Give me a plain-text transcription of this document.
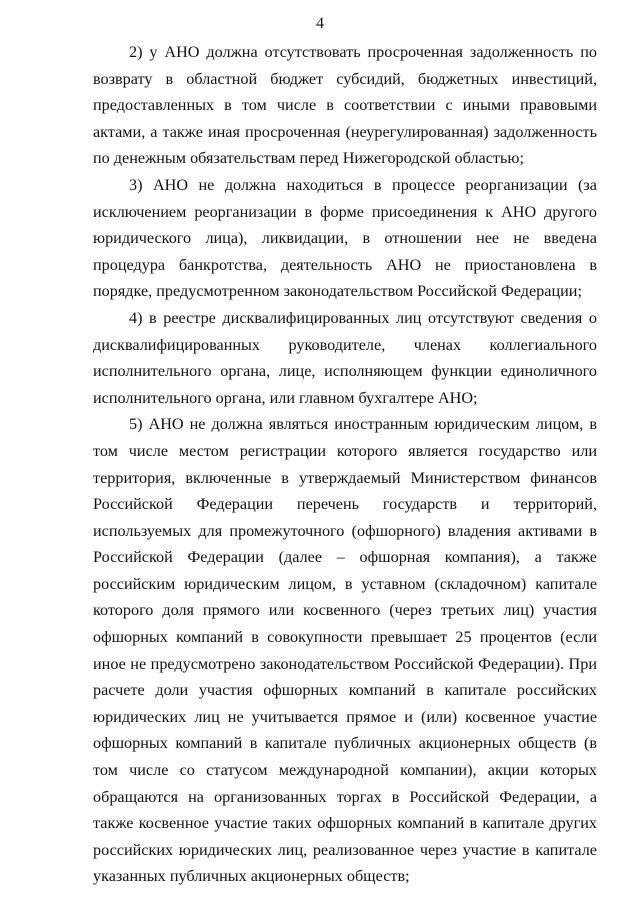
4

2) у АНО должна отсутствовать просроченная задолженность по возврату в областной бюджет субсидий, бюджетных инвестиций, предоставленных в том числе в соответствии с иными правовыми актами, а также иная просроченная (неурегулированная) задолженность по денежным обязательствам перед Нижегородской областью;

3) АНО не должна находиться в процессе реорганизации (за исключением реорганизации в форме присоединения к АНО другого юридического лица), ликвидации, в отношении нее не введена процедура банкротства, деятельность АНО не приостановлена в порядке, предусмотренном законодательством Российской Федерации;

4) в реестре дисквалифицированных лиц отсутствуют сведения о дисквалифицированных руководителе, членах коллегиального исполнительного органа, лице, исполняющем функции единоличного исполнительного органа, или главном бухгалтере АНО;

5) АНО не должна являться иностранным юридическим лицом, в том числе местом регистрации которого является государство или территория, включенные в утверждаемый Министерством финансов Российской Федерации перечень государств и территорий, используемых для промежуточного (офшорного) владения активами в Российской Федерации (далее – офшорная компания), а также российским юридическим лицом, в уставном (складочном) капитале которого доля прямого или косвенного (через третьих лиц) участия офшорных компаний в совокупности превышает 25 процентов (если иное не предусмотрено законодательством Российской Федерации). При расчете доли участия офшорных компаний в капитале российских юридических лиц не учитывается прямое и (или) косвенное участие офшорных компаний в капитале публичных акционерных обществ (в том числе со статусом международной компании), акции которых обращаются на организованных торгах в Российской Федерации, а также косвенное участие таких офшорных компаний в капитале других российских юридических лиц, реализованное через участие в капитале указанных публичных акционерных обществ;
